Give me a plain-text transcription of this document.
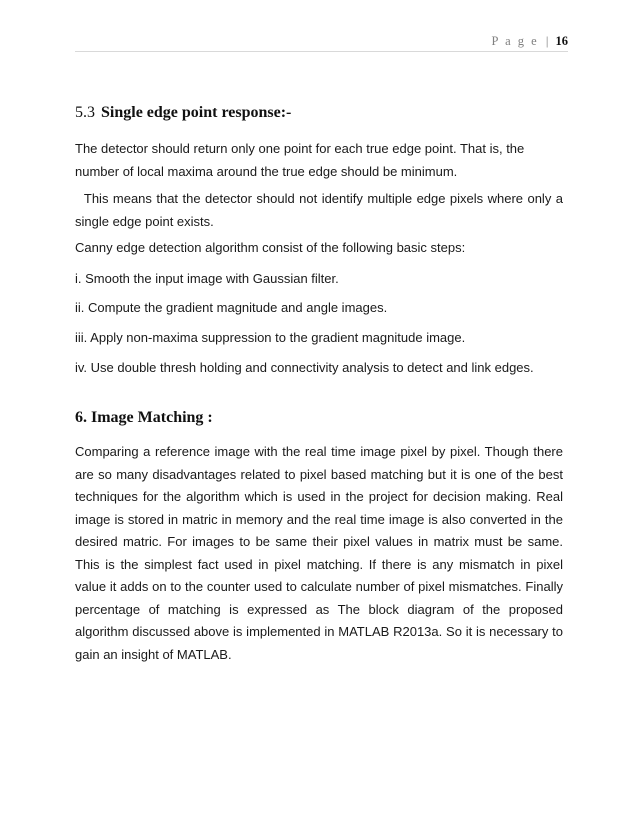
P a g e | 16
5.3 Single edge point response:-

The detector should return only one point for each true edge point. That is, the number of local maxima around the true edge should be minimum.

This means that the detector should not identify multiple edge pixels where only a single edge point exists.

Canny edge detection algorithm consist of the following basic steps:

i. Smooth the input image with Gaussian filter.

ii. Compute the gradient magnitude and angle images.

iii. Apply non-maxima suppression to the gradient magnitude image.

iv. Use double thresh holding and connectivity analysis to detect and link edges.

6. Image Matching :

Comparing a reference image with the real time image pixel by pixel. Though there are so many disadvantages related to pixel based matching but it is one of the best techniques for the algorithm which is used in the project for decision making. Real image is stored in matric in memory and the real time image is also converted in the desired matric. For images to be same their pixel values in matrix must be same. This is the simplest fact used in pixel matching. If there is any mismatch in pixel value it adds on to the counter used to calculate number of pixel mismatches. Finally percentage of matching is expressed as The block diagram of the proposed algorithm discussed above is implemented in MATLAB R2013a. So it is necessary to gain an insight of MATLAB.
